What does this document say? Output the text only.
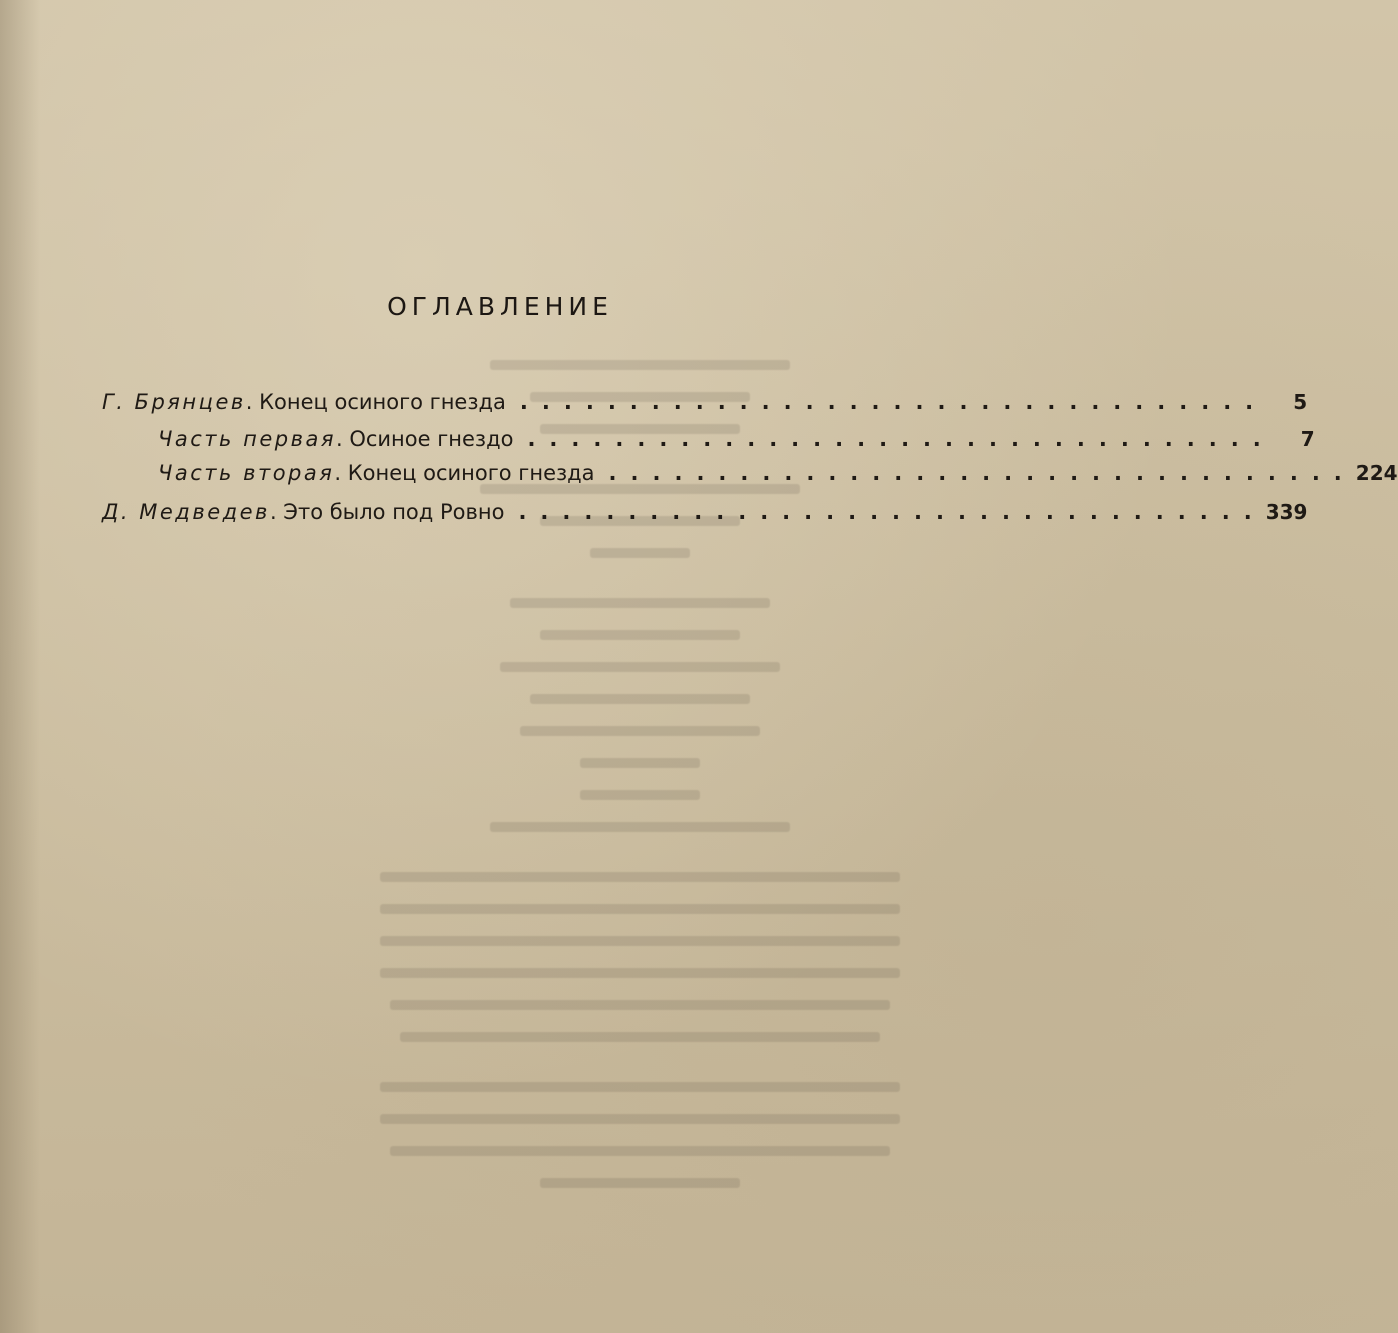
ОГЛАВЛЕНИЕ
Г. Брянцев . Конец осиного гнезда ..................................	5
Часть первая . Осиное гнездо ..................................	7
Часть вторая . Конец осиного гнезда .................................. 224
Д. Медведев . Это было под Ровно .................................. 339
